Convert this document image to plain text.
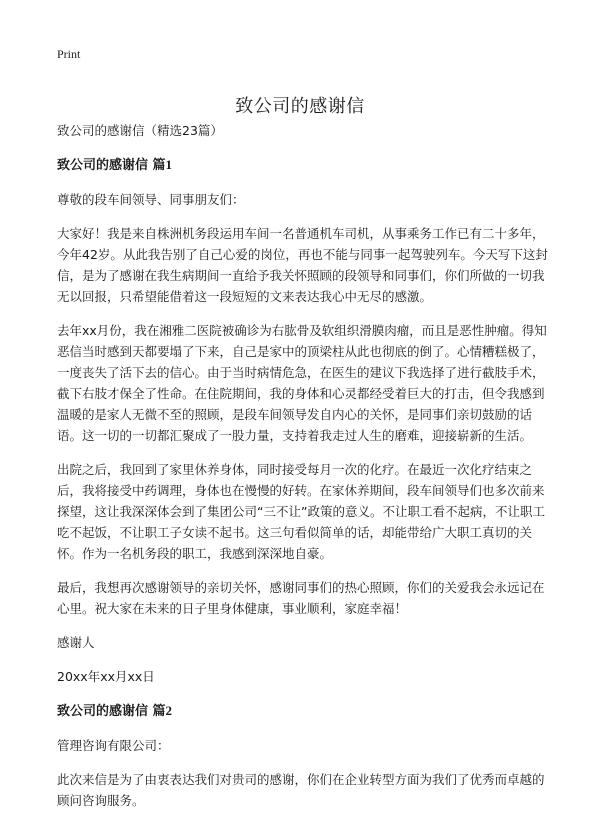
Print
致公司的感谢信

致公司的感谢信（精选23篇）

致公司的感谢信 篇1

尊敬的段车间领导、同事朋友们：

大家好！我是来自株洲机务段运用车间一名普通机车司机，从事乘务工作已有二十多年，今年42岁。从此我告别了自己心爱的岗位，再也不能与同事一起驾驶列车。今天写下这封信，是为了感谢在我生病期间一直给予我关怀照顾的段领导和同事们，你们所做的一切我无以回报，只希望能借着这一段短短的文来表达我心中无尽的感激。

去年xx月份，我在湘雅二医院被确诊为右肱骨及软组织滑膜肉瘤，而且是恶性肿瘤。得知恶信当时感到天都要塌了下来，自己是家中的顶梁柱从此也彻底的倒了。心情糟糕极了，一度丧失了活下去的信心。由于当时病情危急，在医生的建议下我选择了进行截肢手术，截下右肢才保全了性命。在住院期间，我的身体和心灵都经受着巨大的打击，但令我感到温暖的是家人无微不至的照顾，是段车间领导发自内心的关怀，是同事们亲切鼓励的话语。这一切的一切都汇聚成了一股力量，支持着我走过人生的磨难，迎接崭新的生活。

出院之后，我回到了家里休养身体，同时接受每月一次的化疗。在最近一次化疗结束之后，我将接受中药调理，身体也在慢慢的好转。在家休养期间，段车间领导们也多次前来探望，这让我深深体会到了集团公司“三不让”政策的意义。不让职工看不起病，不让职工吃不起饭，不让职工子女读不起书。这三句看似简单的话，却能带给广大职工真切的关怀。作为一名机务段的职工，我感到深深地自豪。

最后，我想再次感谢领导的亲切关怀，感谢同事们的热心照顾，你们的关爱我会永远记在心里。祝大家在未来的日子里身体健康，事业顺利，家庭幸福！

感谢人

20xx年xx月xx日

致公司的感谢信 篇2

管理咨询有限公司：

此次来信是为了由衷表达我们对贵司的感谢，你们在企业转型方面为我们了优秀而卓越的顾问咨询服务。
